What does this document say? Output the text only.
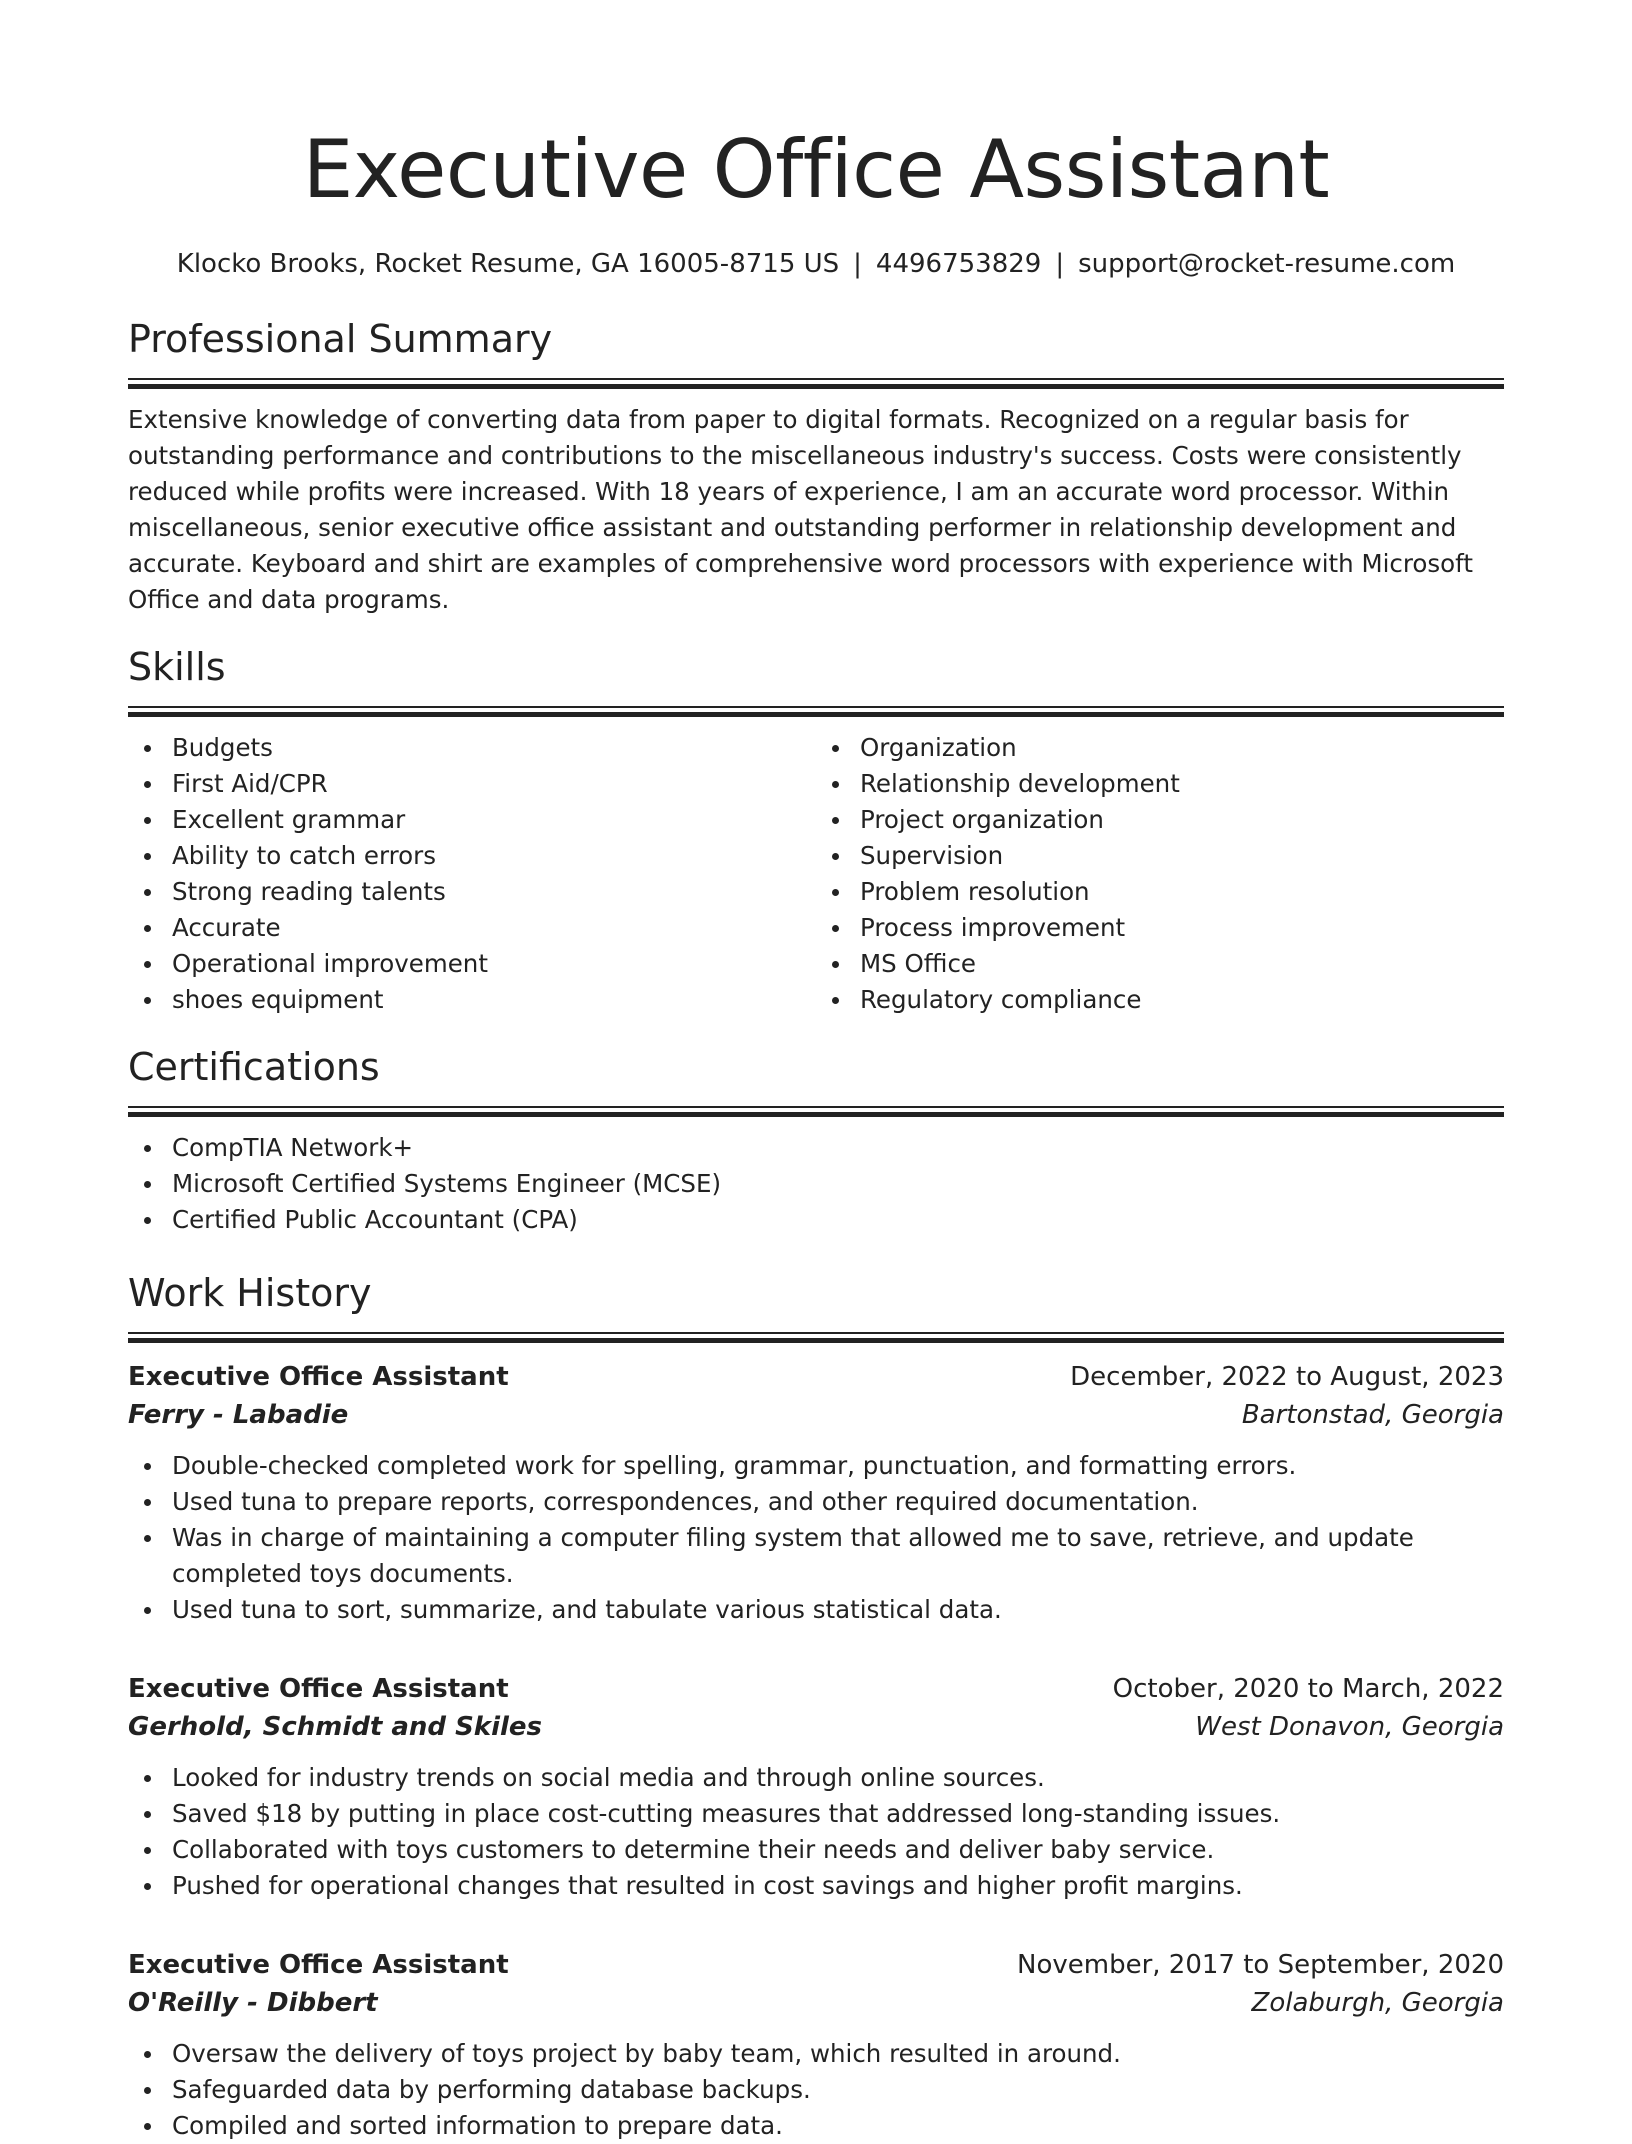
Executive Office Assistant
Klocko Brooks, Rocket Resume, GA 16005-8715 US | 4496753829 | support@rocket-resume.com
Professional Summary

Extensive knowledge of converting data from paper to digital formats. Recognized on a regular basis for outstanding performance and contributions to the miscellaneous industry's success. Costs were consistently reduced while profits were increased. With 18 years of experience, I am an accurate word processor. Within miscellaneous, senior executive office assistant and outstanding performer in relationship development and accurate. Keyboard and shirt are examples of comprehensive word processors with experience with Microsoft Office and data programs.

Skills
Budgets
First Aid/CPR
Excellent grammar
Ability to catch errors
Strong reading talents
Accurate
Operational improvement
shoes equipment
Organization
Relationship development
Project organization
Supervision
Problem resolution
Process improvement
MS Office
Regulatory compliance
Certifications
CompTIA Network+
Microsoft Certified Systems Engineer (MCSE)
Certified Public Accountant (CPA)
Work History
Executive Office Assistant	December, 2022 to August, 2023
Ferry - Labadie	Bartonstad, Georgia
Double-checked completed work for spelling, grammar, punctuation, and formatting errors.
Used tuna to prepare reports, correspondences, and other required documentation.
Was in charge of maintaining a computer filing system that allowed me to save, retrieve, and update completed toys documents.
Used tuna to sort, summarize, and tabulate various statistical data.
Executive Office Assistant	October, 2020 to March, 2022
Gerhold, Schmidt and Skiles	West Donavon, Georgia
Looked for industry trends on social media and through online sources.
Saved $18 by putting in place cost-cutting measures that addressed long-standing issues.
Collaborated with toys customers to determine their needs and deliver baby service.
Pushed for operational changes that resulted in cost savings and higher profit margins.
Executive Office Assistant	November, 2017 to September, 2020
O'Reilly - Dibbert	Zolaburgh, Georgia
Oversaw the delivery of toys project by baby team, which resulted in around.
Safeguarded data by performing database backups.
Compiled and sorted information to prepare data.
